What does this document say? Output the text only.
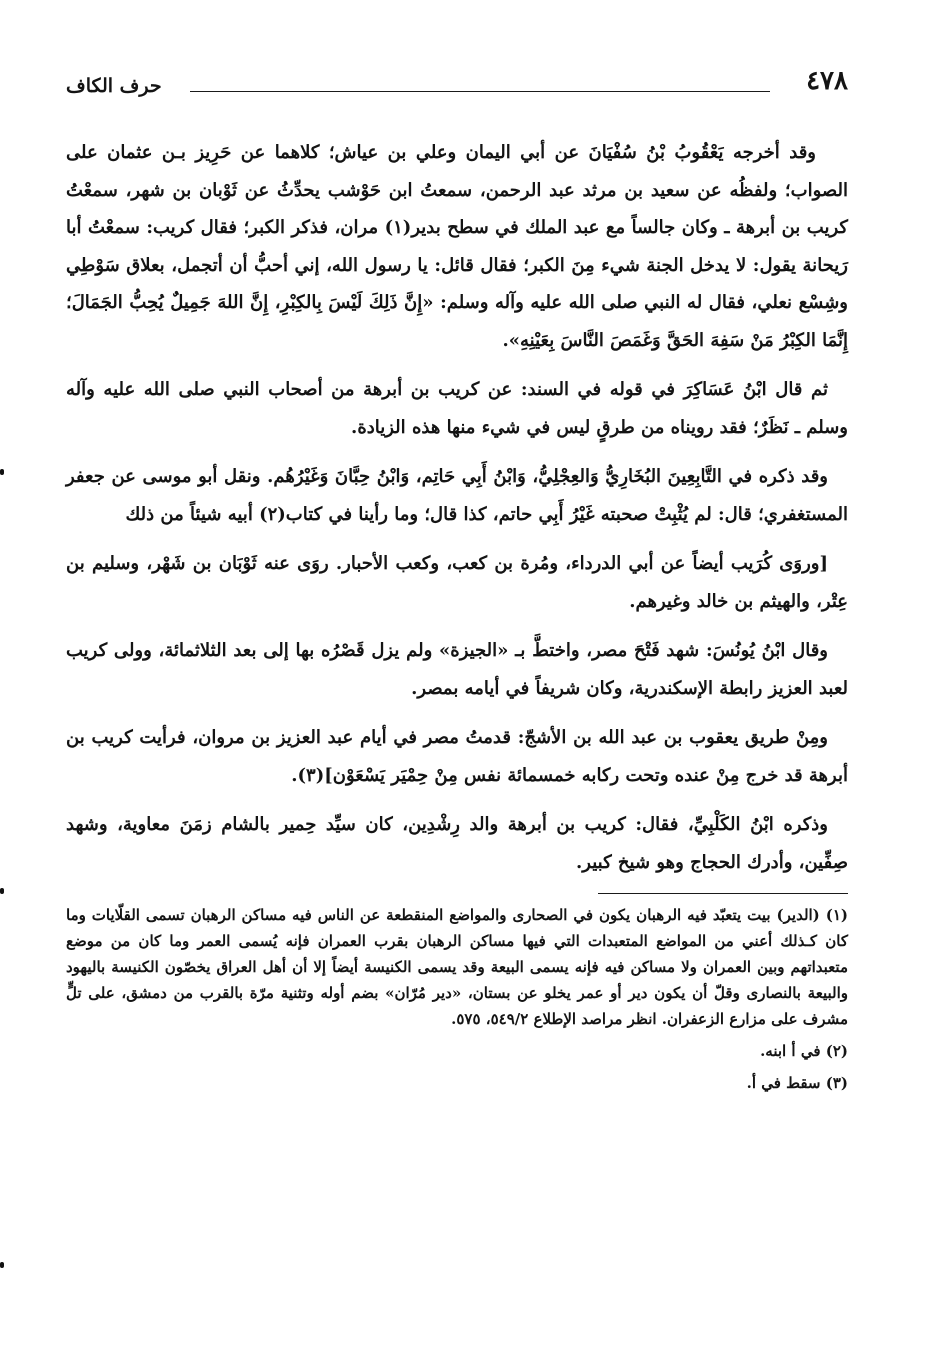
٤٧٨
حرف الكاف

وقد أخرجه يَعْقُوبُ بْنُ سُفْيَانَ عن أبي اليمان وعلي بن عياش؛ كلاهما عن حَرِيز بـن عثمان على الصواب؛ ولفظُه عن سعيد بن مرثد عبد الرحمن، سمعتُ ابن حَوْشب يحدِّثُ عن ثَوْبان بن شهر، سمعْتُ كريب بن أبرهة ـ وكان جالساً مع عبد الملك في سطح بدير(١) مران، فذكر الكبر؛ فقال كريب: سمعْتُ أبا رَيحانة يقول: لا يدخل الجنة شيء مِنَ الكبر؛ فقال قائل: يا رسول الله، إني أحبُّ أن أتجمل، بعلاق سَوْطِي وشِسْع نعلي، فقال له النبي صلى الله عليه وآله وسلم: «إِنَّ ذَلِكَ لَيْسَ بِالكِبْرِ، إِنَّ اللهَ جَمِيلٌ يُحِبُّ الجَمَالَ؛ إِنَّمَا الكِبْرُ مَنْ سَفِهَ الحَقَّ وَغَمَصَ النَّاسَ بِعَيْنِهِ».

ثم قال ابْنُ عَسَاكِرَ في قوله في السند: عن كريب بن أبرهة من أصحاب النبي صلى الله عليه وآله وسلم ـ نَظَرٌ؛ فقد رويناه من طرقٍ ليس في شيء منها هذه الزيادة.

وقد ذكره في التَّابِعِينَ البُخَارِيُّ وَالعِجْلِيُّ، وَابْنُ أَبِي حَاتِم، وَابْنُ حِبَّانَ وَغَيْرُهُم. ونقل أبو موسى عن جعفر المستغفري؛ قال: لم يُثْبِتْ صحبته غَيْرُ أَبِي حاتم، كذا قال؛ وما رأينا في كتاب(٢) أبيه شيئاً من ذلك

[وروَى كُرَيب أيضاً عن أبي الدرداء، ومُرة بن كعب، وكعب الأحبار. روَى عنه ثَوْبَان بن شَهْر، وسليم بن عِتْر، والهيثم بن خالد وغيرهم.

وقال ابْنُ يُونُسَ: شهد فَتْحَ مصر، واختطَّ بـ «الجيزة» ولم يزل قَصْرُه بها إلى بعد الثلاثمائة، وولى كريب لعبد العزيز رابطة الإسكندرية، وكان شريفاً في أيامه بمصر.

ومِنْ طريق يعقوب بن عبد الله بن الأشجّ: قدمتُ مصر في أيام عبد العزيز بن مروان، فرأيت كريب بن أبرهة قد خرج مِنْ عنده وتحت ركابه خمسمائة نفس مِنْ حِمْيَر يَسْعَوْن](٣).

وذكره ابْنُ الكَلْبِيِّ، فقال: كريب بن أبرهة والد رِشْدِين، كان سيِّد حِمير بالشام زمَنَ معاوية، وشهد صِفِّين، وأدرك الحجاج وهو شيخ كبير.

(١) (الدير) بيت يتعبّد فيه الرهبان يكون في الصحارى والمواضع المنقطعة عن الناس فيه مساكن الرهبان تسمى القلّايات وما كان كـذلك أعني من المواضع المتعبدات التي فيها مساكن الرهبان بقرب العمران فإنه يُسمى العمر وما كان من موضع متعبداتهم وبين العمران ولا مساكن فيه فإنه يسمى البيعة وقد يسمى الكنيسة أيضاً إلا أن أهل العراق يخصّون الكنيسة باليهود والبيعة بالنصارى وقلّ أن يكون دير أو عمر يخلو عن بستان، «دير مُرّان» بضم أوله وتثنية مرّة بالقرب من دمشق، على تلٍّ مشرف على مزارع الزعفران. انظر مراصد الإطلاع ٥٤٩/٢، ٥٧٥.

(٢) في أ ابنه.

(٣) سقط في أ.
